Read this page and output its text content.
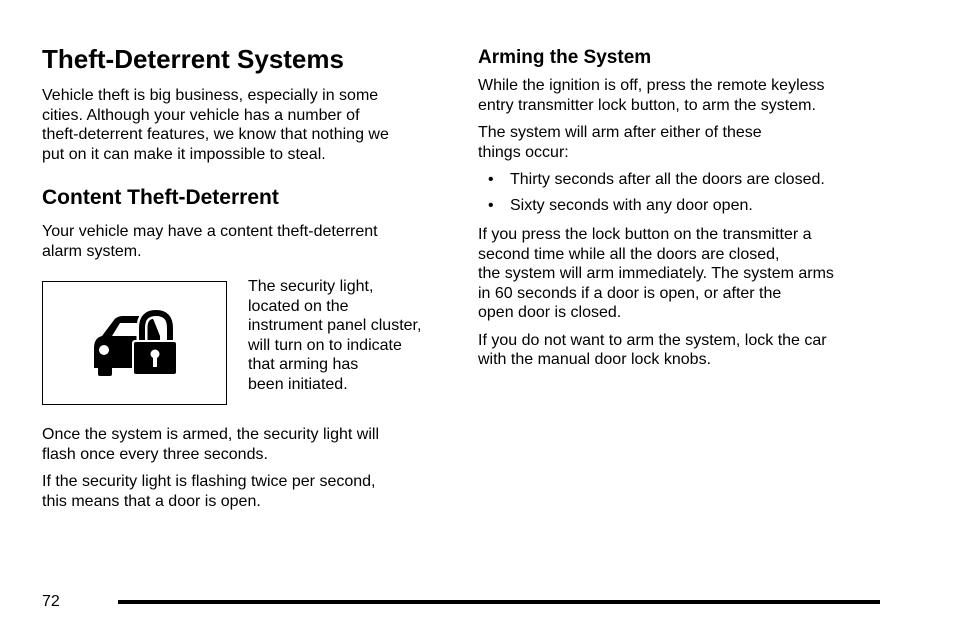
Theft-Deterrent Systems

Vehicle theft is big business, especially in some
cities. Although your vehicle has a number of
theft-deterrent features, we know that nothing we
put on it can make it impossible to steal.

Content Theft-Deterrent

Your vehicle may have a content theft-deterrent
alarm system.

The security light,
located on the
instrument panel cluster,
will turn on to indicate
that arming has
been initiated.

Once the system is armed, the security light will
flash once every three seconds.

If the security light is flashing twice per second,
this means that a door is open.

Arming the System

While the ignition is off, press the remote keyless
entry transmitter lock button, to arm the system.

The system will arm after either of these
things occur:

• Thirty seconds after all the doors are closed.
• Sixty seconds with any door open.

If you press the lock button on the transmitter a
second time while all the doors are closed,
the system will arm immediately. The system arms
in 60 seconds if a door is open, or after the
open door is closed.

If you do not want to arm the system, lock the car
with the manual door lock knobs.

72
